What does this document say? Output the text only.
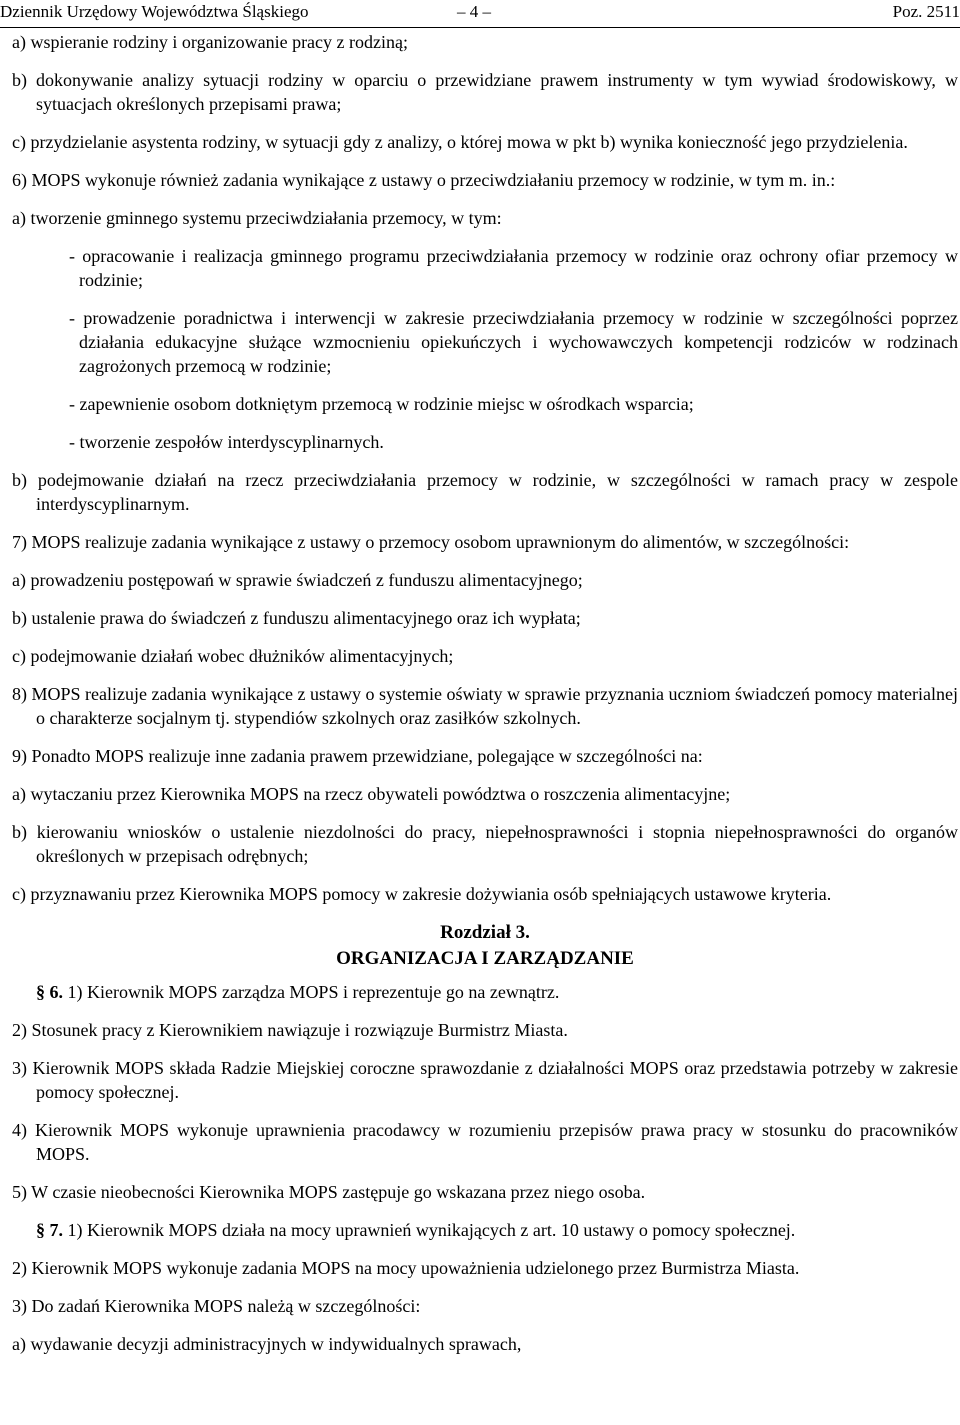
Dziennik Urzędowy Województwa Śląskiego	– 4 –	Poz. 2511

a) wspieranie rodziny i organizowanie pracy z rodziną;

b) dokonywanie analizy sytuacji rodziny w oparciu o przewidziane prawem instrumenty w tym wywiad środowiskowy, w sytuacjach określonych przepisami prawa;

c) przydzielanie asystenta rodziny, w sytuacji gdy z analizy, o której mowa w pkt b) wynika konieczność jego przydzielenia.

6) MOPS wykonuje również zadania wynikające z ustawy o przeciwdziałaniu przemocy w rodzinie, w tym m. in.:

a) tworzenie gminnego systemu przeciwdziałania przemocy, w tym:

- opracowanie i realizacja gminnego programu przeciwdziałania przemocy w rodzinie oraz ochrony ofiar przemocy w rodzinie;

- prowadzenie poradnictwa i interwencji w zakresie przeciwdziałania przemocy w rodzinie w szczególności poprzez działania edukacyjne służące wzmocnieniu opiekuńczych i wychowawczych kompetencji rodziców w rodzinach zagrożonych przemocą w rodzinie;

- zapewnienie osobom dotkniętym przemocą w rodzinie miejsc w ośrodkach wsparcia;

- tworzenie zespołów interdyscyplinarnych.

b) podejmowanie działań na rzecz przeciwdziałania przemocy w rodzinie, w szczególności w ramach pracy w zespole interdyscyplinarnym.

7) MOPS realizuje zadania wynikające z ustawy o przemocy osobom uprawnionym do alimentów, w szczególności:

a) prowadzeniu postępowań w sprawie świadczeń z funduszu alimentacyjnego;

b) ustalenie prawa do świadczeń z funduszu alimentacyjnego oraz ich wypłata;

c) podejmowanie działań wobec dłużników alimentacyjnych;

8) MOPS realizuje zadania wynikające z ustawy o systemie oświaty w sprawie przyznania uczniom świadczeń pomocy materialnej o charakterze socjalnym tj. stypendiów szkolnych oraz zasiłków szkolnych.

9) Ponadto MOPS realizuje inne zadania prawem przewidziane, polegające w szczególności na:

a) wytaczaniu przez Kierownika MOPS na rzecz obywateli powództwa o roszczenia alimentacyjne;

b) kierowaniu wniosków o ustalenie niezdolności do pracy, niepełnosprawności i stopnia niepełnosprawności do organów określonych w przepisach odrębnych;

c) przyznawaniu przez Kierownika MOPS pomocy w zakresie dożywiania osób spełniających ustawowe kryteria.

Rozdział 3.

ORGANIZACJA I ZARZĄDZANIE

§ 6. 1) Kierownik MOPS zarządza MOPS i reprezentuje go na zewnątrz.

2) Stosunek pracy z Kierownikiem nawiązuje i rozwiązuje Burmistrz Miasta.

3) Kierownik MOPS składa Radzie Miejskiej coroczne sprawozdanie z działalności MOPS oraz przedstawia potrzeby w zakresie pomocy społecznej.

4) Kierownik MOPS wykonuje uprawnienia pracodawcy w rozumieniu przepisów prawa pracy w stosunku do pracowników MOPS.

5) W czasie nieobecności Kierownika MOPS zastępuje go wskazana przez niego osoba.

§ 7. 1) Kierownik MOPS działa na mocy uprawnień wynikających z art. 10 ustawy o pomocy społecznej.

2) Kierownik MOPS wykonuje zadania MOPS na mocy upoważnienia udzielonego przez Burmistrza Miasta.

3) Do zadań Kierownika MOPS należą w szczególności:

a) wydawanie decyzji administracyjnych w indywidualnych sprawach,
